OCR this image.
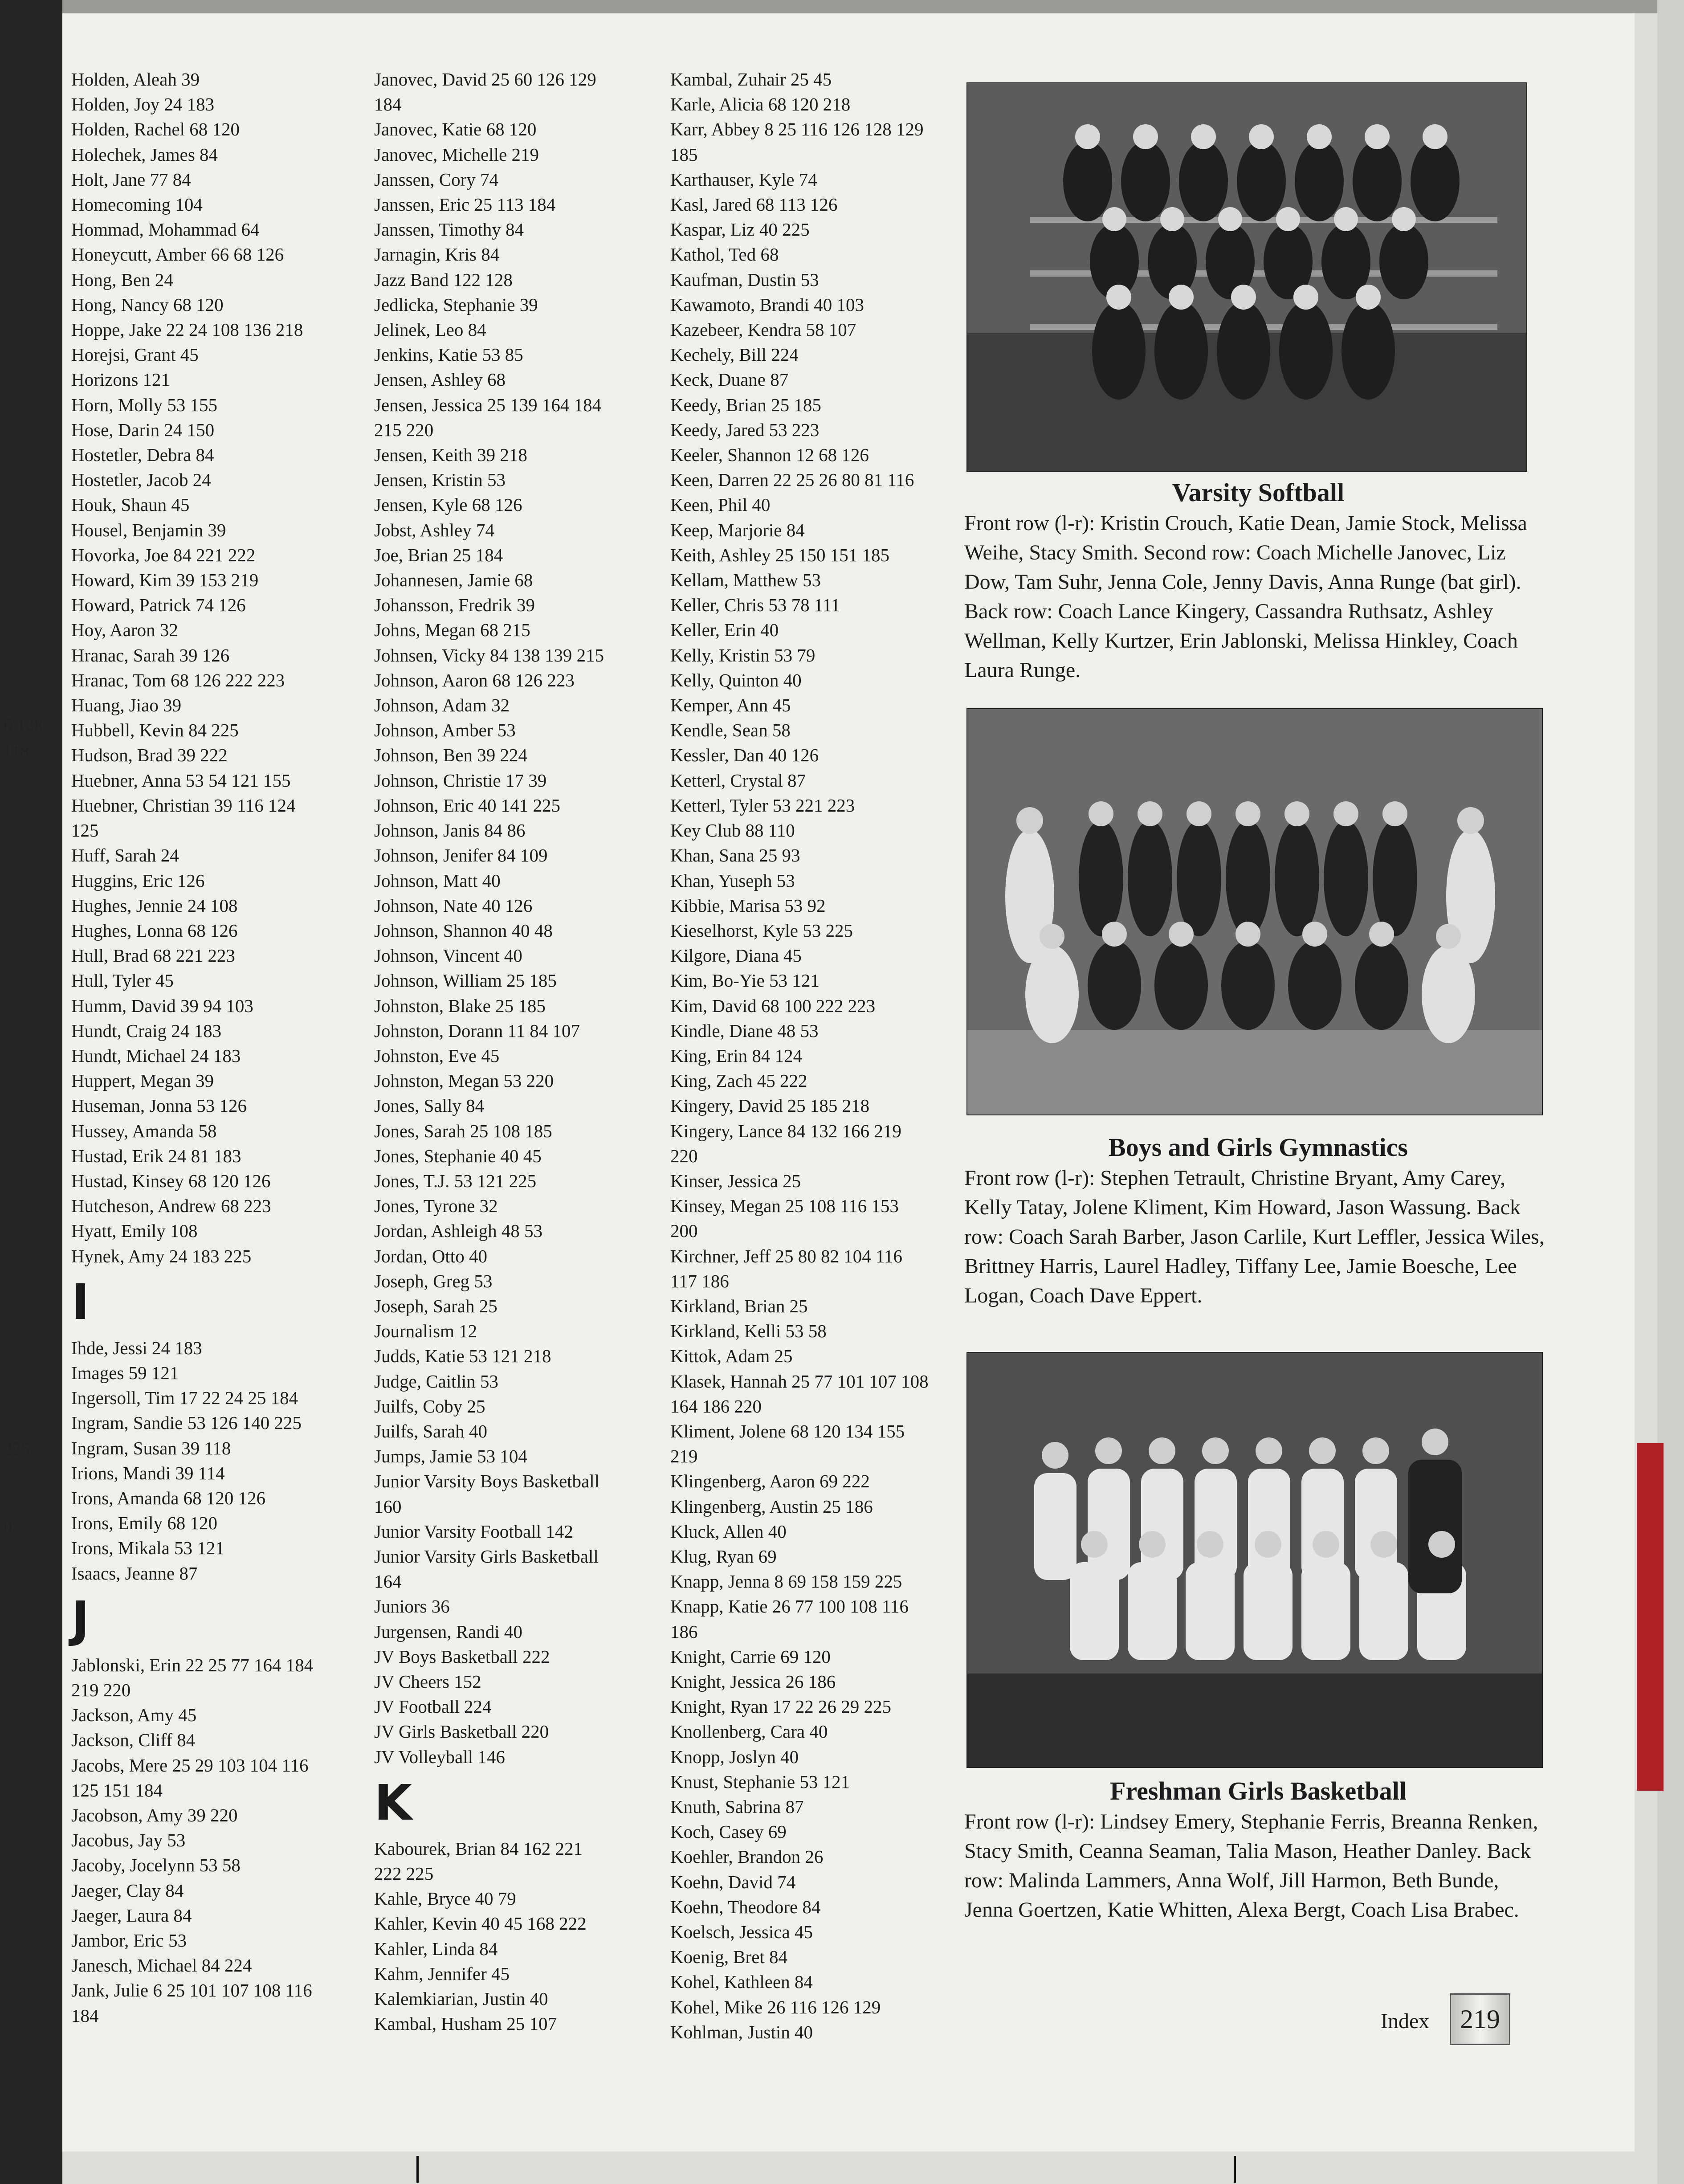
6 128
118
225
0
Holden, Aleah 39
Holden, Joy 24 183
Holden, Rachel 68 120
Holechek, James 84
Holt, Jane 77 84
Homecoming 104
Hommad, Mohammad 64
Honeycutt, Amber 66 68 126
Hong, Ben 24
Hong, Nancy 68 120
Hoppe, Jake 22 24 108 136 218
Horejsi, Grant 45
Horizons 121
Horn, Molly 53 155
Hose, Darin 24 150
Hostetler, Debra 84
Hostetler, Jacob 24
Houk, Shaun 45
Housel, Benjamin 39
Hovorka, Joe 84 221 222
Howard, Kim 39 153 219
Howard, Patrick 74 126
Hoy, Aaron 32
Hranac, Sarah 39 126
Hranac, Tom 68 126 222 223
Huang, Jiao 39
Hubbell, Kevin 84 225
Hudson, Brad 39 222
Huebner, Anna 53 54 121 155
Huebner, Christian 39 116 124
125
Huff, Sarah 24
Huggins, Eric 126
Hughes, Jennie 24 108
Hughes, Lonna 68 126
Hull, Brad 68 221 223
Hull, Tyler 45
Humm, David 39 94 103
Hundt, Craig 24 183
Hundt, Michael 24 183
Huppert, Megan 39
Huseman, Jonna 53 126
Hussey, Amanda 58
Hustad, Erik 24 81 183
Hustad, Kinsey 68 120 126
Hutcheson, Andrew 68 223
Hyatt, Emily 108
Hynek, Amy 24 183 225
I
Ihde, Jessi 24 183
Images 59 121
Ingersoll, Tim 17 22 24 25 184
Ingram, Sandie 53 126 140 225
Ingram, Susan 39 118
Irions, Mandi 39 114
Irons, Amanda 68 120 126
Irons, Emily 68 120
Irons, Mikala 53 121
Isaacs, Jeanne 87
J
Jablonski, Erin 22 25 77 164 184
219 220
Jackson, Amy 45
Jackson, Cliff 84
Jacobs, Mere 25 29 103 104 116
125 151 184
Jacobson, Amy 39 220
Jacobus, Jay 53
Jacoby, Jocelynn 53 58
Jaeger, Clay 84
Jaeger, Laura 84
Jambor, Eric 53
Janesch, Michael 84 224
Jank, Julie 6 25 101 107 108 116
184
Janovec, David 25 60 126 129
184
Janovec, Katie 68 120
Janovec, Michelle 219
Janssen, Cory 74
Janssen, Eric 25 113 184
Janssen, Timothy 84
Jarnagin, Kris 84
Jazz Band 122 128
Jedlicka, Stephanie 39
Jelinek, Leo 84
Jenkins, Katie 53 85
Jensen, Ashley 68
Jensen, Jessica 25 139 164 184
215 220
Jensen, Keith 39 218
Jensen, Kristin 53
Jensen, Kyle 68 126
Jobst, Ashley 74
Joe, Brian 25 184
Johannesen, Jamie 68
Johansson, Fredrik 39
Johns, Megan 68 215
Johnsen, Vicky 84 138 139 215
Johnson, Aaron 68 126 223
Johnson, Adam 32
Johnson, Amber 53
Johnson, Ben 39 224
Johnson, Christie 17 39
Johnson, Eric 40 141 225
Johnson, Janis 84 86
Johnson, Jenifer 84 109
Johnson, Matt 40
Johnson, Nate 40 126
Johnson, Shannon 40 48
Johnson, Vincent 40
Johnson, William 25 185
Johnston, Blake 25 185
Johnston, Dorann 11 84 107
Johnston, Eve 45
Johnston, Megan 53 220
Jones, Sally 84
Jones, Sarah 25 108 185
Jones, Stephanie 40 45
Jones, T.J. 53 121 225
Jones, Tyrone 32
Jordan, Ashleigh 48 53
Jordan, Otto 40
Joseph, Greg 53
Joseph, Sarah 25
Journalism 12
Judds, Katie 53 121 218
Judge, Caitlin 53
Juilfs, Coby 25
Juilfs, Sarah 40
Jumps, Jamie 53 104
Junior Varsity Boys Basketball
160
Junior Varsity Football 142
Junior Varsity Girls Basketball
164
Juniors 36
Jurgensen, Randi 40
JV Boys Basketball 222
JV Cheers 152
JV Football 224
JV Girls Basketball 220
JV Volleyball 146
K
Kabourek, Brian 84 162 221
222 225
Kahle, Bryce 40 79
Kahler, Kevin 40 45 168 222
Kahler, Linda 84
Kahm, Jennifer 45
Kalemkiarian, Justin 40
Kambal, Husham 25 107
Kambal, Zuhair 25 45
Karle, Alicia 68 120 218
Karr, Abbey 8 25 116 126 128 129
185
Karthauser, Kyle 74
Kasl, Jared 68 113 126
Kaspar, Liz 40 225
Kathol, Ted 68
Kaufman, Dustin 53
Kawamoto, Brandi 40 103
Kazebeer, Kendra 58 107
Kechely, Bill 224
Keck, Duane 87
Keedy, Brian 25 185
Keedy, Jared 53 223
Keeler, Shannon 12 68 126
Keen, Darren 22 25 26 80 81 116
Keen, Phil 40
Keep, Marjorie 84
Keith, Ashley 25 150 151 185
Kellam, Matthew 53
Keller, Chris 53 78 111
Keller, Erin 40
Kelly, Kristin 53 79
Kelly, Quinton 40
Kemper, Ann 45
Kendle, Sean 58
Kessler, Dan 40 126
Ketterl, Crystal 87
Ketterl, Tyler 53 221 223
Key Club 88 110
Khan, Sana 25 93
Khan, Yuseph 53
Kibbie, Marisa 53 92
Kieselhorst, Kyle 53 225
Kilgore, Diana 45
Kim, Bo-Yie 53 121
Kim, David 68 100 222 223
Kindle, Diane 48 53
King, Erin 84 124
King, Zach 45 222
Kingery, David 25 185 218
Kingery, Lance 84 132 166 219
220
Kinser, Jessica 25
Kinsey, Megan 25 108 116 153
200
Kirchner, Jeff 25 80 82 104 116
117 186
Kirkland, Brian 25
Kirkland, Kelli 53 58
Kittok, Adam 25
Klasek, Hannah 25 77 101 107 108
164 186 220
Kliment, Jolene 68 120 134 155
219
Klingenberg, Aaron 69 222
Klingenberg, Austin 25 186
Kluck, Allen 40
Klug, Ryan 69
Knapp, Jenna 8 69 158 159 225
Knapp, Katie 26 77 100 108 116
186
Knight, Carrie 69 120
Knight, Jessica 26 186
Knight, Ryan 17 22 26 29 225
Knollenberg, Cara 40
Knopp, Joslyn 40
Knust, Stephanie 53 121
Knuth, Sabrina 87
Koch, Casey 69
Koehler, Brandon 26
Koehn, David 74
Koehn, Theodore 84
Koelsch, Jessica 45
Koenig, Bret 84
Kohel, Kathleen 84
Kohel, Mike 26 116 126 129
Kohlman, Justin 40
Varsity Softball
Front row (l-r): Kristin Crouch, Katie Dean, Jamie Stock, Melissa Weihe, Stacy Smith. Second row: Coach Michelle Janovec, Liz Dow, Tam Suhr, Jenna Cole, Jenny Davis, Anna Runge (bat girl). Back row: Coach Lance Kingery, Cassandra Ruthsatz, Ashley Wellman, Kelly Kurtzer, Erin Jablonski, Melissa Hinkley, Coach Laura Runge.
Boys and Girls Gymnastics
Front row (l-r): Stephen Tetrault, Christine Bryant, Amy Carey, Kelly Tatay, Jolene Kliment, Kim Howard, Jason Wassung. Back row: Coach Sarah Barber, Jason Carlile, Kurt Leffler, Jessica Wiles, Brittney Harris, Laurel Hadley, Tiffany Lee, Jamie Boesche, Lee Logan, Coach Dave Eppert.
Freshman Girls Basketball
Front row (l-r): Lindsey Emery, Stephanie Ferris, Breanna Renken, Stacy Smith, Ceanna Seaman, Talia Mason, Heather Danley. Back row: Malinda Lammers, Anna Wolf, Jill Harmon, Beth Bunde, Jenna Goertzen, Katie Whitten, Alexa Bergt, Coach Lisa Brabec.
Index	219
